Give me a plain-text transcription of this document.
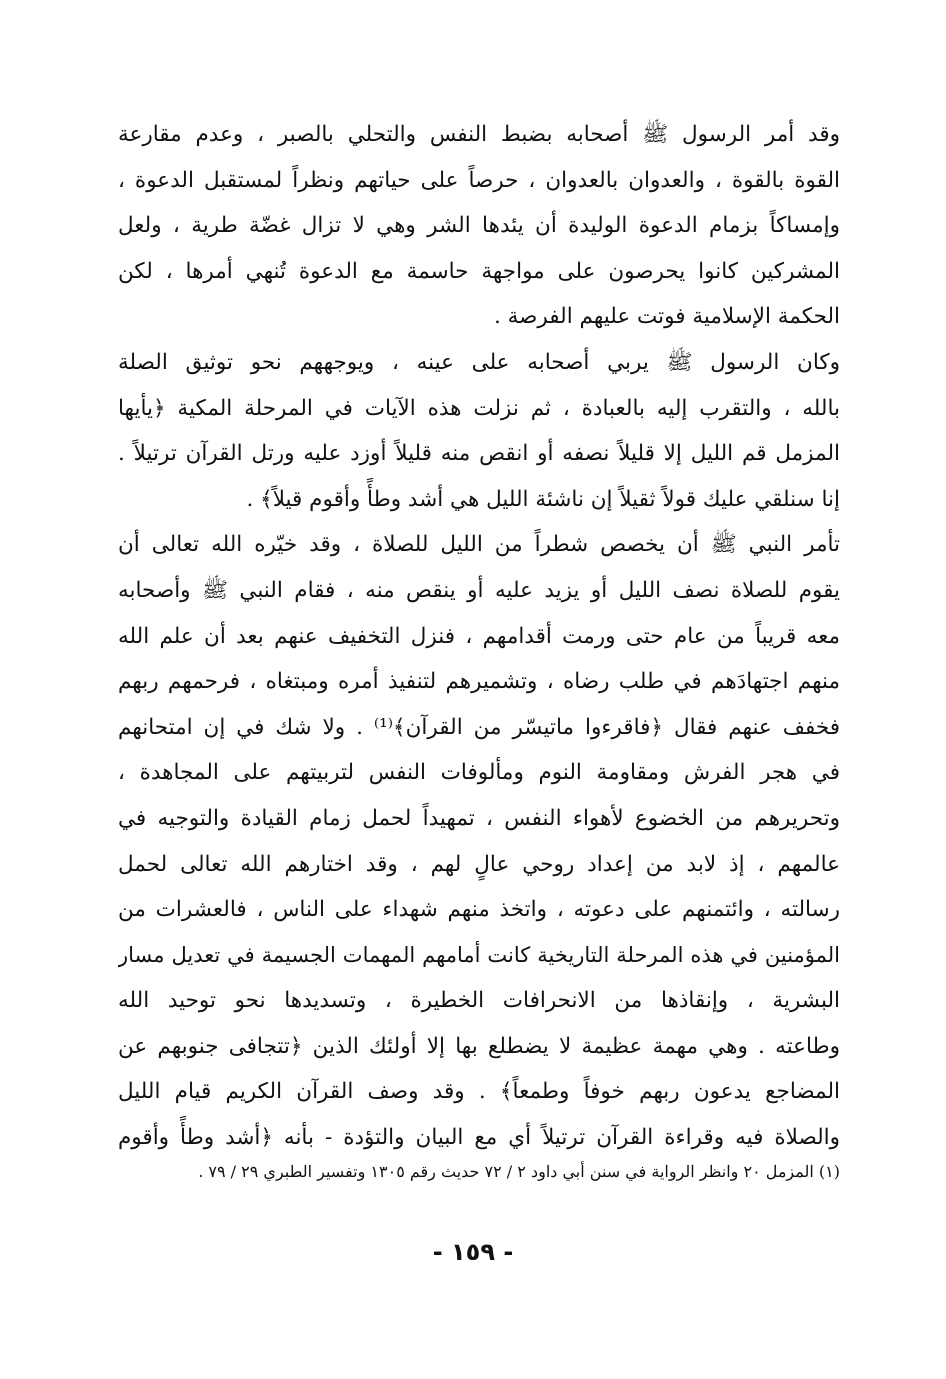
وقد أمر الرسول ﷺ أصحابه بضبط النفس والتحلي بالصبر ، وعدم مقارعة
القوة بالقوة ، والعدوان بالعدوان ، حرصاً على حياتهم ونظراً لمستقبل الدعوة ،
وإمساكاً بزمام الدعوة الوليدة أن يئدها الشر وهي لا تزال غضّة طرية ، ولعل
المشركين كانوا يحرصون على مواجهة حاسمة مع الدعوة تُنهي أمرها ، لكن
الحكمة الإسلامية فوتت عليهم الفرصة .
وكان الرسول ﷺ يربي أصحابه على عينه ، ويوجههم نحو توثيق الصلة
بالله ، والتقرب إليه بالعبادة ، ثم نزلت هذه الآيات في المرحلة المكية ﴿يأيها
المزمل قم الليل إلا قليلاً نصفه أو انقص منه قليلاً أوزد عليه ورتل القرآن ترتيلاً .
إنا سنلقي عليك قولاً ثقيلاً إن ناشئة الليل هي أشد وطأً وأقوم قيلاً﴾ .
تأمر النبي ﷺ أن يخصص شطراً من الليل للصلاة ، وقد خيّره الله تعالى أن
يقوم للصلاة نصف الليل أو يزيد عليه أو ينقص منه ، فقام النبي ﷺ وأصحابه
معه قريباً من عام حتى ورمت أقدامهم ، فنزل التخفيف عنهم بعد أن علم الله
منهم اجتهادَهم في طلب رضاه ، وتشميرهم لتنفيذ أمره ومبتغاه ، فرحمهم ربهم
فخفف عنهم فقال ﴿فاقرءوا ماتيسّر من القرآن﴾⁽¹⁾ . ولا شك في إن امتحانهم
في هجر الفرش ومقاومة النوم ومألوفات النفس لتربيتهم على المجاهدة ،
وتحريرهم من الخضوع لأهواء النفس ، تمهيداً لحمل زمام القيادة والتوجيه في
عالمهم ، إذ لابد من إعداد روحي عالٍ لهم ، وقد اختارهم الله تعالى لحمل
رسالته ، وائتمنهم على دعوته ، واتخذ منهم شهداء على الناس ، فالعشرات من
المؤمنين في هذه المرحلة التاريخية كانت أمامهم المهمات الجسيمة في تعديل مسار
البشرية ، وإنقاذها من الانحرافات الخطيرة ، وتسديدها نحو توحيد الله
وطاعته . وهي مهمة عظيمة لا يضطلع بها إلا أولئك الذين ﴿تتجافى جنوبهم عن
المضاجع يدعون ربهم خوفاً وطمعاً﴾ . وقد وصف القرآن الكريم قيام الليل
والصلاة فيه وقراءة القرآن ترتيلاً أي مع البيان والتؤدة - بأنه ﴿أشد وطأً وأقوم
(١) المزمل ٢٠ وانظر الرواية في سنن أبي داود ٢ / ٧٢ حديث رقم ١٣٠٥ وتفسير الطبري ٢٩ / ٧٩ .
- ١٥٩ -
